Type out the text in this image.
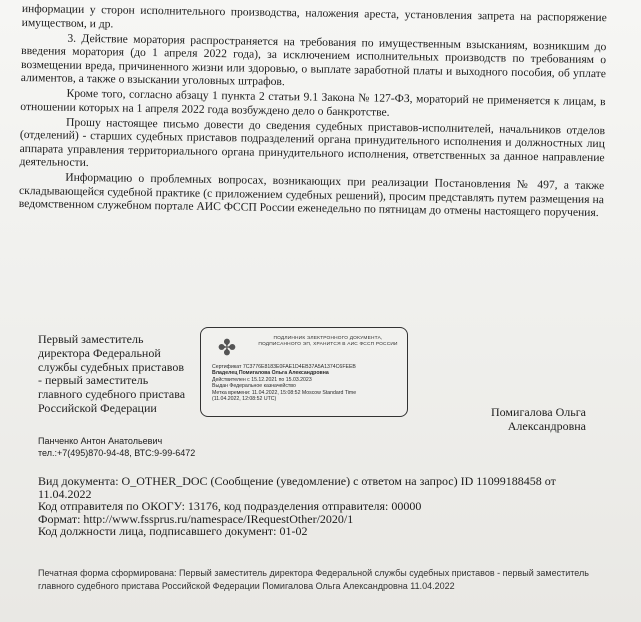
информации у сторон исполнительного производства, наложения ареста, установления запрета на распоряжение имуществом, и др.

3. Действие моратория распространяется на требования по имущественным взысканиям, возникшим до введения моратория (до 1 апреля 2022 года), за исключением исполнительных производств по требованиям о возмещении вреда, причиненного жизни или здоровью, о выплате заработной платы и выходного пособия, об уплате алиментов, а также о взыскании уголовных штрафов.

Кроме того, согласно абзацу 1 пункта 2 статьи 9.1 Закона № 127-ФЗ, мораторий не применяется к лицам, в отношении которых на 1 апреля 2022 года возбуждено дело о банкротстве.

Прошу настоящее письмо довести до сведения судебных приставов-исполнителей, начальников отделов (отделений) - старших судебных приставов подразделений органа принудительного исполнения и должностных лиц аппарата управления территориального органа принудительного исполнения, ответственных за данное направление деятельности.

Информацию о проблемных вопросах, возникающих при реализации Постановления № 497, а также складывающейся судебной практике (с приложением судебных решений), просим представлять путем размещения на ведомственном служебном портале АИС ФССП России еженедельно по пятницам до отмены настоящего поручения.

Первый заместитель директора Федеральной службы судебных приставов - первый заместитель главного судебного пристава Российской Федерации
✤	ПОДЛИННИК ЭЛЕКТРОННОГО ДОКУМЕНТА, ПОДПИСАННОГО ЭП, ХРАНИТСЯ В АИС ФССП РОССИИ
Сертификат 7C3776E8183E0FAE1D4EB37A5A1374C6FEEB
Владелец Помигалова Ольга Александровна
Действителен с 15.12.2021 по 15.03.2023
Выдан Федеральное казначейство
Метка времени: 11.04.2022, 15:08:52 Moscow Standard Time
(11.04.2022, 12:08:52 UTC)
Помигалова Ольга Александровна
Панченко Антон Анатольевич
тел.:+7(495)870-94-48, ВТС:9-99-6472
Вид документа: O_OTHER_DOC (Сообщение (уведомление) с ответом на запрос) ID 11099188458 от 11.04.2022
Код отправителя по ОКОГУ: 13176, код подразделения отправителя: 00000
Формат: http://www.fssprus.ru/namespace/IRequestOther/2020/1
Код должности лица, подписавшего документ: 01-02
Печатная форма сформирована: Первый заместитель директора Федеральной службы судебных приставов - первый заместитель главного судебного пристава Российской Федерации Помигалова Ольга Александровна 11.04.2022
